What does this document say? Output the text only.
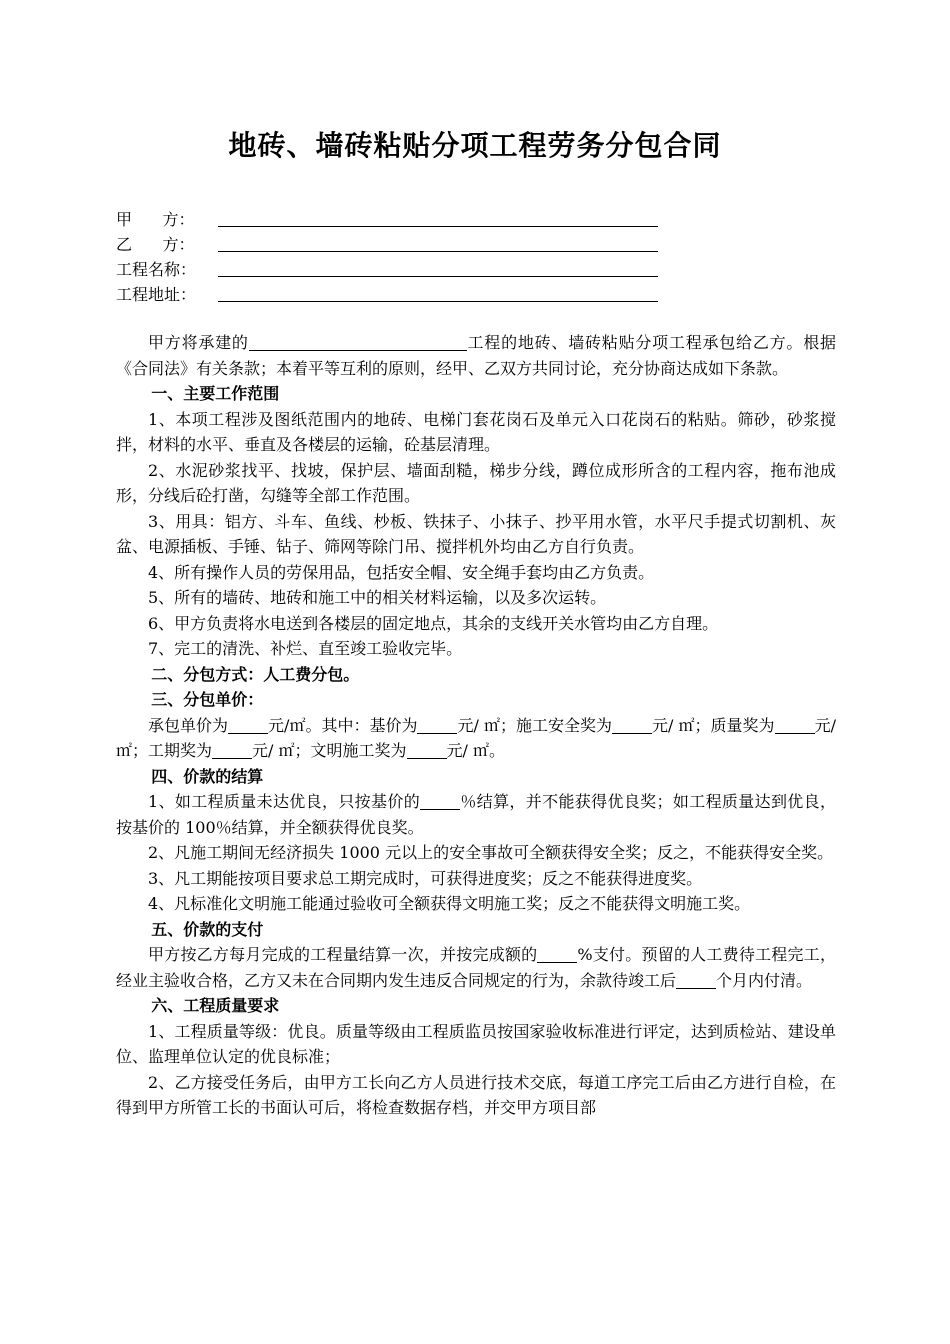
地砖、墙砖粘贴分项工程劳务分包合同
甲      方：
乙      方：
工程名称：
工程地址：

甲方将承建的	工程的地砖、墙砖粘贴分项工程承包给乙方。根据《合同法》有关条款；本着平等互利的原则，经甲、乙双方共同讨论，充分协商达成如下条款。

一、主要工作范围

1、本项工程涉及图纸范围内的地砖、电梯门套花岗石及单元入口花岗石的粘贴。筛砂，砂浆搅拌，材料的水平、垂直及各楼层的运输，砼基层清理。

2、水泥砂浆找平、找坡，保护层、墙面刮糙，梯步分线，蹲位成形所含的工程内容，拖布池成形，分线后砼打凿，勾缝等全部工作范围。

3、用具：铝方、斗车、鱼线、杪板、铁抹子、小抹子、抄平用水管，水平尺手提式切割机、灰盆、电源插板、手锤、钻子、筛网等除门吊、搅拌机外均由乙方自行负责。

4、所有操作人员的劳保用品，包括安全帽、安全绳手套均由乙方负责。

5、所有的墙砖、地砖和施工中的相关材料运输，以及多次运转。

6、甲方负责将水电送到各楼层的固定地点，其余的支线开关水管均由乙方自理。

7、完工的清洗、补烂、直至竣工验收完毕。

二、分包方式：人工费分包。

三、分包单价：

承包单价为	元/㎡。其中：基价为	元/ ㎡；施工安全奖为	元/ ㎡；质量奖为	元/ ㎡；工期奖为	元/ ㎡；文明施工奖为	元/ ㎡。

四、价款的结算

1、如工程质量未达优良，只按基价的	％结算，并不能获得优良奖；如工程质量达到优良，按基价的 100％结算，并全额获得优良奖。

2、凡施工期间无经济损失 1000 元以上的安全事故可全额获得安全奖；反之，不能获得安全奖。

3、凡工期能按项目要求总工期完成时，可获得进度奖；反之不能获得进度奖。

4、凡标准化文明施工能通过验收可全额获得文明施工奖；反之不能获得文明施工奖。

五、价款的支付

甲方按乙方每月完成的工程量结算一次，并按完成额的	%支付。预留的人工费待工程完工，经业主验收合格，乙方又未在合同期内发生违反合同规定的行为，余款待竣工后	个月内付清。

六、工程质量要求

1、工程质量等级：优良。质量等级由工程质监员按国家验收标准进行评定，达到质检站、建设单位、监理单位认定的优良标准；

2、乙方接受任务后，由甲方工长向乙方人员进行技术交底，每道工序完工后由乙方进行自检，在得到甲方所管工长的书面认可后，将检查数据存档，并交甲方项目部
